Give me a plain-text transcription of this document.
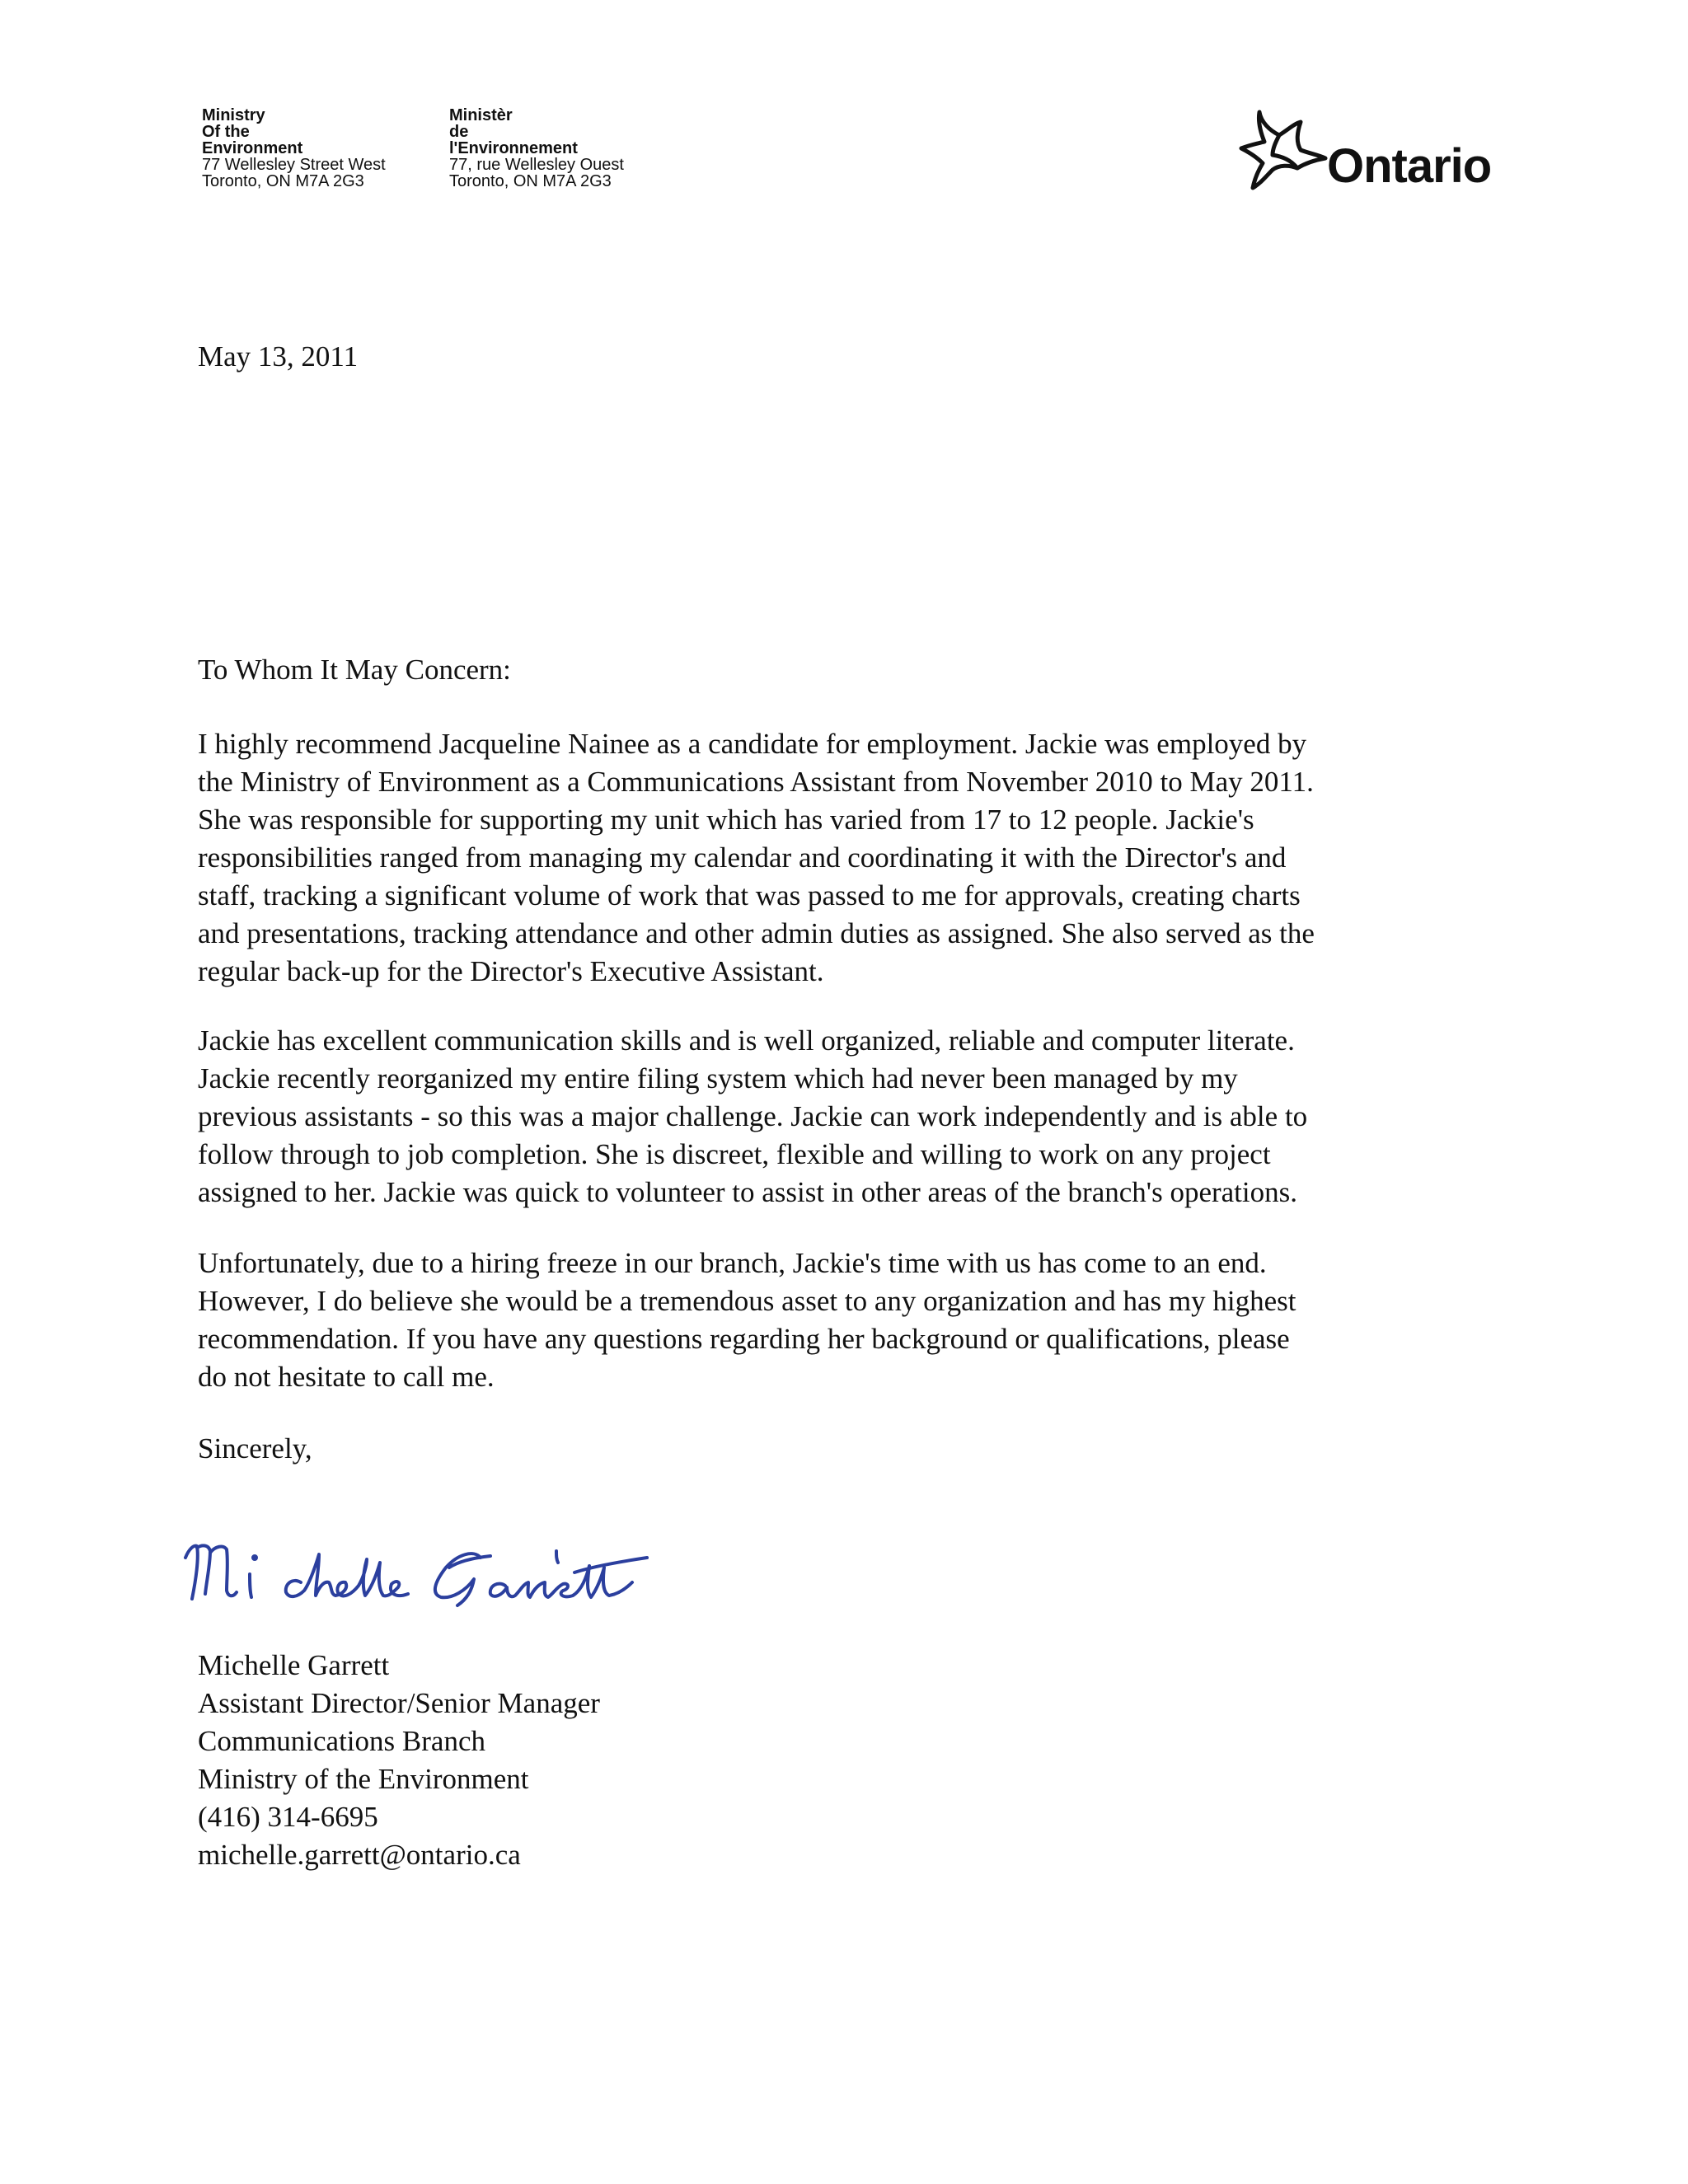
Ministry
Of the
Environment
77 Wellesley Street West
Toronto, ON M7A 2G3
Ministèr
de
l'Environnement
77, rue Wellesley Ouest
Toronto, ON M7A 2G3	Ontario
May 13, 2011
To Whom It May Concern:
I highly recommend Jacqueline Nainee as a candidate for employment. Jackie was employed by
the Ministry of Environment as a Communications Assistant from November 2010 to May 2011.
She was responsible for supporting my unit which has varied from 17 to 12 people. Jackie's
responsibilities ranged from managing my calendar and coordinating it with the Director's and
staff, tracking a significant volume of work that was passed to me for approvals, creating charts
and presentations, tracking attendance and other admin duties as assigned. She also served as the
regular back-up for the Director's Executive Assistant.
Jackie has excellent communication skills and is well organized, reliable and computer literate.
Jackie recently reorganized my entire filing system which had never been managed by my
previous assistants - so this was a major challenge. Jackie can work independently and is able to
follow through to job completion. She is discreet, flexible and willing to work on any project
assigned to her. Jackie was quick to volunteer to assist in other areas of the branch's operations.
Unfortunately, due to a hiring freeze in our branch, Jackie's time with us has come to an end.
However, I do believe she would be a tremendous asset to any organization and has my highest
recommendation. If you have any questions regarding her background or qualifications, please
do not hesitate to call me.
Sincerely,
Michelle Garrett
Assistant Director/Senior Manager
Communications Branch
Ministry of the Environment
(416) 314-6695
michelle.garrett@ontario.ca
